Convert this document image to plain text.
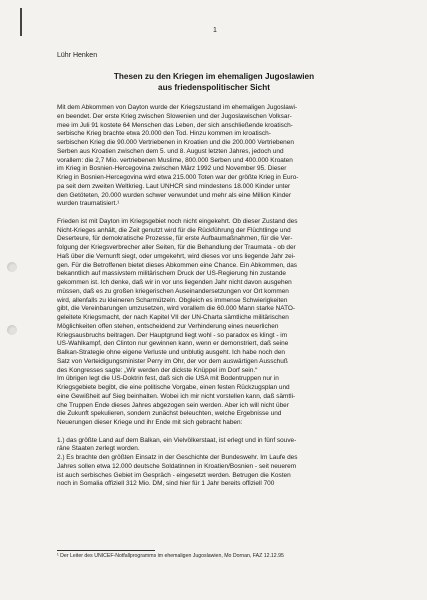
1
Lühr Henken
Thesen zu den Kriegen im ehemaligen Jugoslawien
aus friedenspolitischer Sicht
Mit dem Abkommen von Dayton wurde der Kriegszustand im ehemaligen Jugoslawi-
en beendet. Der erste Krieg zwischen Slowenien und der Jugoslawischen Volksar-
mee im Juli 91 kostete 64 Menschen das Leben, der sich anschließende kroatisch-
serbische Krieg brachte etwa 20.000 den Tod. Hinzu kommen im kroatisch-
serbischen Krieg die 90.000 Vertriebenen in Kroatien und die 200.000 Vertriebenen
Serben aus Kroatien zwischen dem 5. und 8. August letzten Jahres, jedoch und
vorallem: die 2,7 Mio. vertriebenen Muslime, 800.000 Serben und 400.000 Kroaten
im Krieg in Bosnien-Hercegovina zwischen März 1992 und November 95. Dieser
Krieg in Bosnien-Hercegovina wird etwa 215.000 Toten war der größte Krieg in Euro-
pa seit dem zweiten Weltkrieg. Laut UNHCR sind mindestens 18.000 Kinder unter
den Getöteten, 20.000 wurden schwer verwundet und mehr als eine Million Kinder
wurden traumatisiert.¹
Frieden ist mit Dayton im Kriegsgebiet noch nicht eingekehrt. Ob dieser Zustand des
Nicht-Krieges anhält, die Zeit genutzt wird für die Rückführung der Flüchtlinge und
Deserteure, für demokratische Prozesse, für erste Aufbaumaßnahmen, für die Ver-
folgung der Kriegsverbrecher aller Seiten, für die Behandlung der Traumata - ob der
Haß über die Vernunft siegt, oder umgekehrt, wird dieses vor uns liegende Jahr zei-
gen. Für die Betroffenen bietet dieses Abkommen eine Chance. Ein Abkommen, das
bekanntlich auf massivstem militärischem Druck der US-Regierung hin zustande
gekommen ist. Ich denke, daß wir in vor uns liegenden Jahr nicht davon ausgehen
müssen, daß es zu großen kriegerischen Auseinandersetzungen vor Ort kommen
wird, allenfalls zu kleineren Scharmützeln. Obgleich es immense Schwierigkeiten
gibt, die Vereinbarungen umzusetzen, wird vorallem die 60.000 Mann starke NATO-
geleitete Kriegsmacht, der nach Kapitel VII der UN-Charta sämtliche militärischen
Möglichkeiten offen stehen, entscheidend zur Verhinderung eines neuerlichen
Kriegsausbruchs beitragen. Der Hauptgrund liegt wohl - so paradox es klingt - im
US-Wahlkampf, den Clinton nur gewinnen kann, wenn er demonstriert, daß seine
Balkan-Strategie ohne eigene Verluste und unblutig ausgeht. Ich habe noch den
Satz von Verteidigungsminister Perry im Ohr, der vor dem auswärtigen Ausschuß
des Kongresses sagte: „Wir werden der dickste Knüppel im Dorf sein.“
Im übrigen legt die US-Doktrin fest, daß sich die USA mit Bodentruppen nur in
Kriegsgebiete begibt, die eine politische Vorgabe, einen festen Rückzugsplan und
eine Gewißheit auf Sieg beinhalten. Wobei ich mir nicht vorstellen kann, daß sämtli-
che Truppen Ende dieses Jahres abgezogen sein werden. Aber ich will nicht über
die Zukunft spekulieren, sondern zunächst beleuchten, welche Ergebnisse und
Neuerungen dieser Kriege und ihr Ende mit sich gebracht haben:
1.) das größte Land auf dem Balkan, ein Vielvölkerstaat, ist erlegt und in fünf souve-
räne Staaten zerlegt worden.
2.) Es brachte den größten Einsatz in der Geschichte der Bundeswehr. Im Laufe des
Jahres sollen etwa 12.000 deutsche Soldatinnen in Kroatien/Bosnien - seit neuerem
ist auch serbisches Gebiet im Gespräch - eingesetzt werden. Betrugen die Kosten
noch in Somalia offiziell 312 Mio. DM, sind hier für 1 Jahr bereits offiziell 700
¹ Der Leiter des UNICEF-Notfallprogramms im ehemaligen Jugoslawien, Mo Dornan, FAZ 12.12.95
